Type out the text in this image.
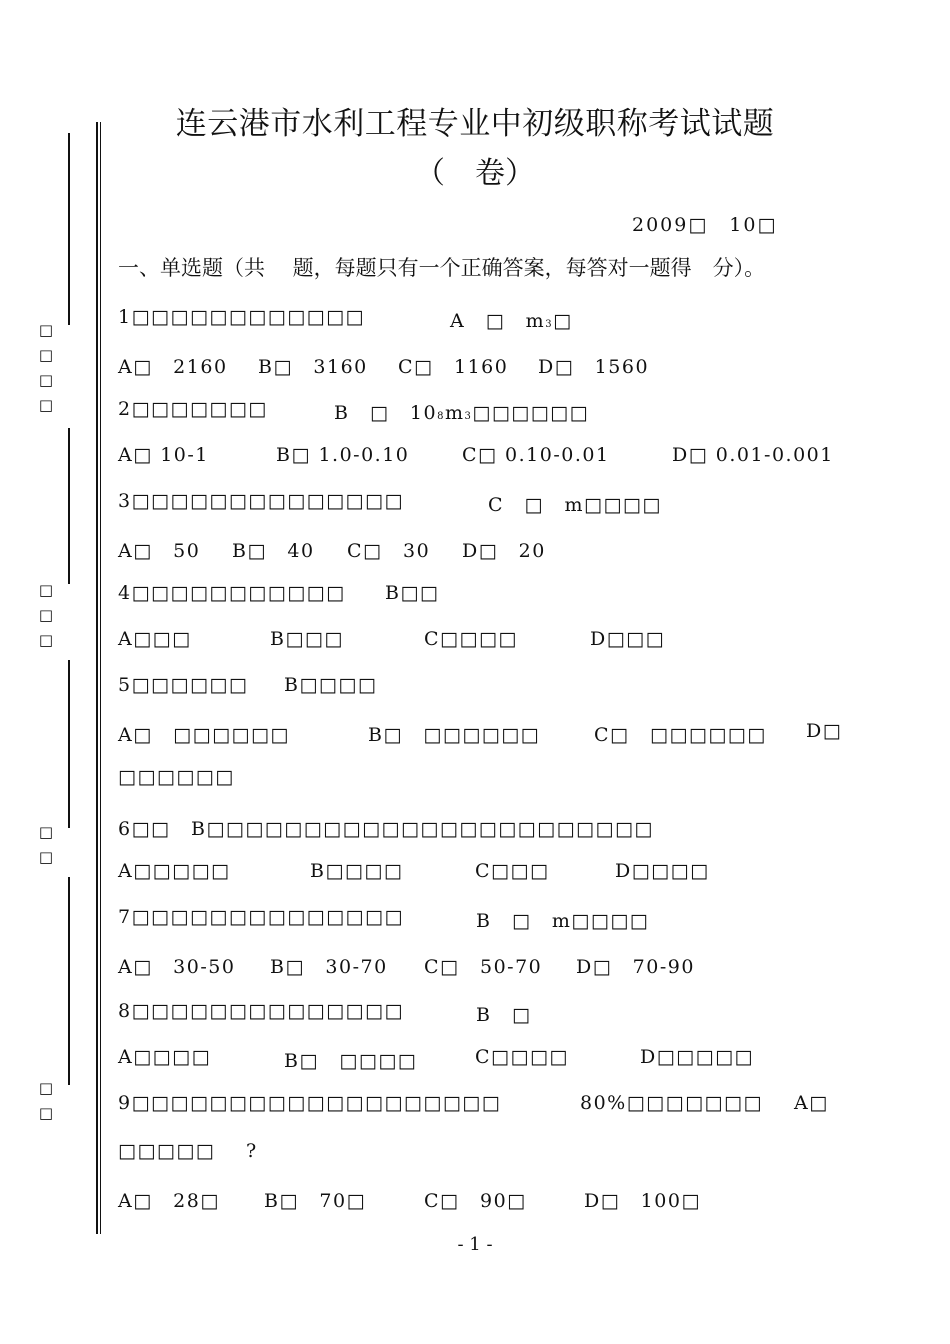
□□□□
□□□
□□
□□
连云港市水利工程专业中初级职称考试试题
（　卷）
2009□　10□
一、单选题（共　 题，每题只有一个正确答案，每答对一题得　分）。
1□□□□□□□□□□□□	A　□　m3□
A□　2160 B□　3160 C□　1160 D□　1560
2□□□□□□□	B　□　108m3□□□□□□
A□ 10-1	B□ 1.0-0.10	C□ 0.10-0.01	D□ 0.01-0.001
3□□□□□□□□□□□□□□	C　□　m□□□□
A□　50 B□　40 C□　30 D□　20
4□□□□□□□□□□□ B□□
A□□□	B□□□	C□□□□	D□□□
5□□□□□□ B□□□□
A□　□□□□□□	B□　□□□□□□	C□　□□□□□□ D□
□□□□□□
6□□　B□□□□□□□□□□□□□□□□□□□□□□□
A□□□□□	B□□□□	C□□□	D□□□□
7□□□□□□□□□□□□□□	B　□　m□□□□
A□　30-50 B□　30-70 C□　50-70 D□　70-90
8□□□□□□□□□□□□□□	B　□
A□□□□	B□　□□□□	C□□□□	D□□□□□
9□□□□□□□□□□□□□□□□□□□	80%□□□□□□□ A□
□□□□□ ?
A□　28□ B□　70□	C□　90□	D□　100□
- 1 -
